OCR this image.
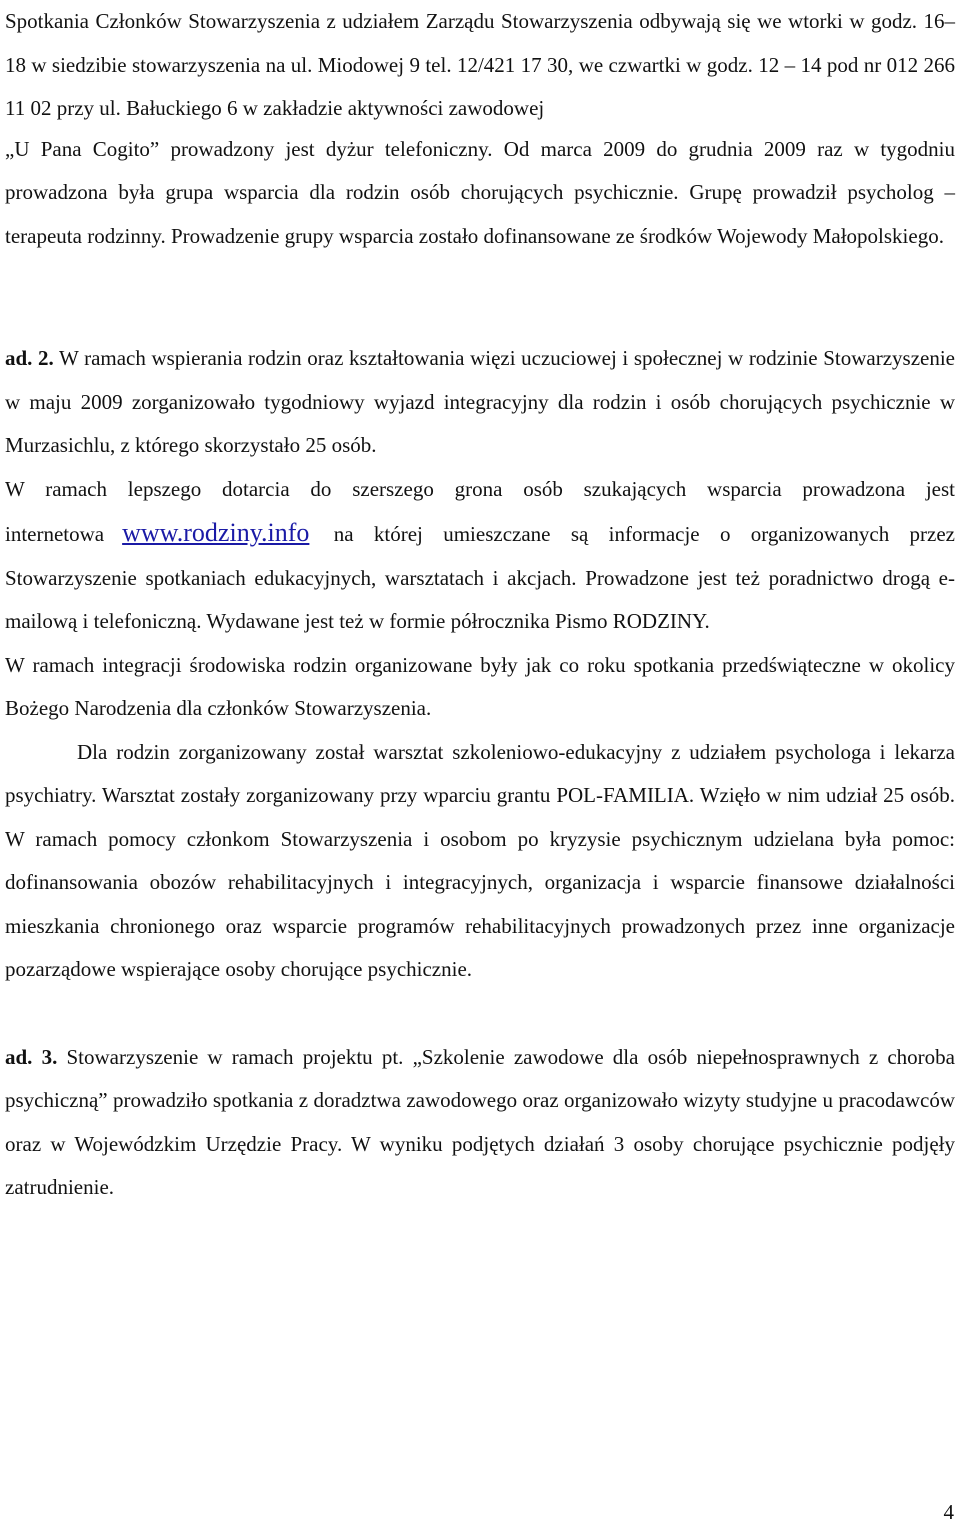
Spotkania Członków Stowarzyszenia z udziałem Zarządu Stowarzyszenia odbywają się we wtorki w godz. 16–18 w siedzibie stowarzyszenia na ul. Miodowej 9 tel. 12/421 17 30, we czwartki w godz. 12 – 14 pod nr 012 266 11 02 przy ul. Bałuckiego 6 w zakładzie aktywności zawodowej

„U Pana Cogito” prowadzony jest dyżur telefoniczny. Od marca 2009 do grudnia 2009 raz w tygodniu prowadzona była grupa wsparcia dla rodzin osób chorujących psychicznie. Grupę prowadził psycholog – terapeuta rodzinny. Prowadzenie grupy wsparcia zostało dofinansowane ze środków Wojewody Małopolskiego.

ad. 2. W ramach wspierania rodzin oraz kształtowania więzi uczuciowej i społecznej w rodzinie Stowarzyszenie w maju 2009 zorganizowało tygodniowy wyjazd integracyjny dla rodzin i osób chorujących psychicznie w Murzasichlu, z którego skorzystało 25 osób.

W ramach lepszego dotarcia do szerszego grona osób szukających wsparcia prowadzona jest internetowa www.rodziny.info na której umieszczane są informacje o organizowanych przez Stowarzyszenie spotkaniach edukacyjnych, warsztatach i akcjach. Prowadzone jest też poradnictwo drogą e-mailową i telefoniczną. Wydawane jest też w formie półrocznika Pismo RODZINY.

W ramach integracji środowiska rodzin organizowane były jak co roku spotkania przedświąteczne w okolicy Bożego Narodzenia dla członków Stowarzyszenia.

Dla rodzin zorganizowany został warsztat szkoleniowo-edukacyjny z udziałem psychologa i lekarza psychiatry. Warsztat zostały zorganizowany przy wparciu grantu POL-FAMILIA. Wzięło w nim udział 25 osób. W ramach pomocy członkom Stowarzyszenia i osobom po kryzysie psychicznym udzielana była pomoc: dofinansowania obozów rehabilitacyjnych i integracyjnych, organizacja i wsparcie finansowe działalności mieszkania chronionego oraz wsparcie programów rehabilitacyjnych prowadzonych przez inne organizacje pozarządowe wspierające osoby chorujące psychicznie.

ad. 3. Stowarzyszenie w ramach projektu pt. „Szkolenie zawodowe dla osób niepełnosprawnych z choroba psychiczną” prowadziło spotkania z doradztwa zawodowego oraz organizowało wizyty studyjne u pracodawców oraz w Wojewódzkim Urzędzie Pracy. W wyniku podjętych działań 3 osoby chorujące psychicznie podjęły zatrudnienie.

4
